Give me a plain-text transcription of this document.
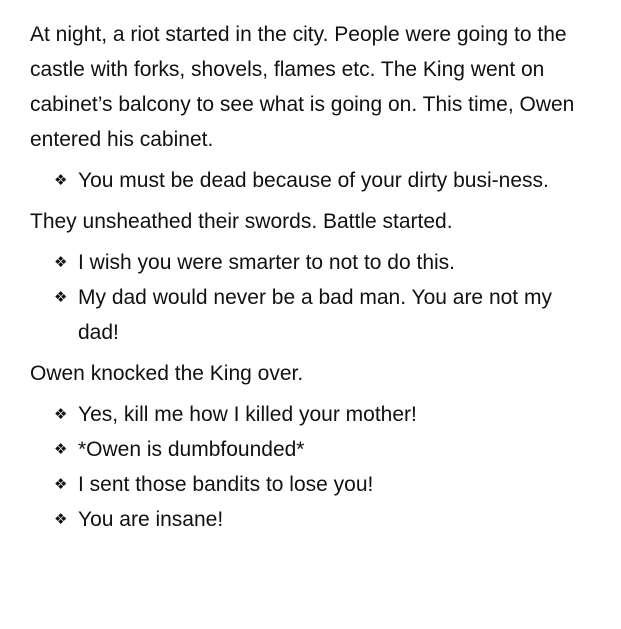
At night, a riot started in the city. People were going to the castle with forks, shovels, flames etc. The King went on cabinet’s balcony to see what is going on. This time, Owen entered his cabinet.

❖ You must be dead because of your dirty busi-ness.

They unsheathed their swords. Battle started.

❖ I wish you were smarter to not to do this.
❖ My dad would never be a bad man. You are not my dad!

Owen knocked the King over.

❖ Yes, kill me how I killed your mother!
❖ *Owen is dumbfounded*
❖ I sent those bandits to lose you!
❖ You are insane!
